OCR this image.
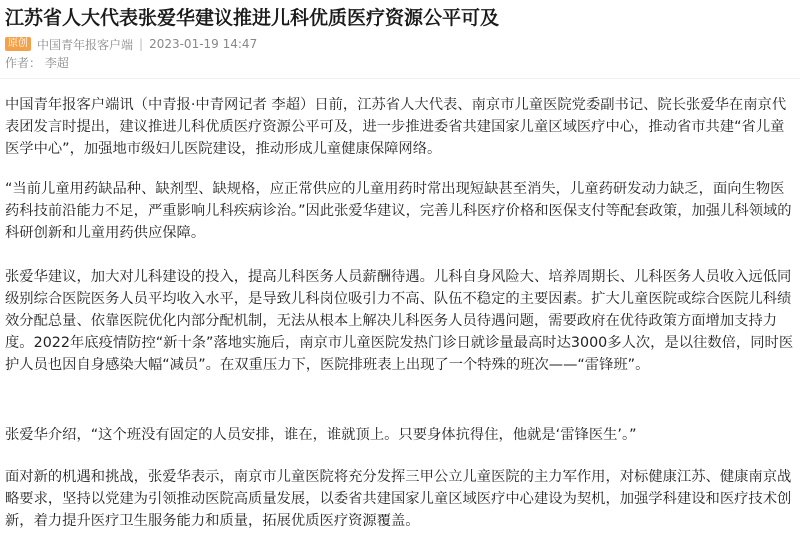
江苏省人大代表张爱华建议推进儿科优质医疗资源公平可及
原创 中国青年报客户端 | 2023-01-19 14:47
作者： 李超

中国青年报客户端讯（中青报·中青网记者 李超）日前，江苏省人大代表、南京市儿童医院党委副书记、院长张爱华在南京代表团发言时提出，建议推进儿科优质医疗资源公平可及，进一步推进委省共建国家儿童区域医疗中心，推动省市共建“省儿童医学中心”，加强地市级妇儿医院建设，推动形成儿童健康保障网络。

“当前儿童用药缺品种、缺剂型、缺规格，应正常供应的儿童用药时常出现短缺甚至消失，儿童药研发动力缺乏，面向生物医药科技前沿能力不足，严重影响儿科疾病诊治。”因此张爱华建议，完善儿科医疗价格和医保支付等配套政策，加强儿科领域的科研创新和儿童用药供应保障。

张爱华建议，加大对儿科建设的投入，提高儿科医务人员薪酬待遇。儿科自身风险大、培养周期长、儿科医务人员收入远低同级别综合医院医务人员平均收入水平，是导致儿科岗位吸引力不高、队伍不稳定的主要因素。扩大儿童医院或综合医院儿科绩效分配总量、依靠医院优化内部分配机制，无法从根本上解决儿科医务人员待遇问题，需要政府在优待政策方面增加支持力度。2022年底疫情防控“新十条”落地实施后，南京市儿童医院发热门诊日就诊量最高时达3000多人次，是以往数倍，同时医护人员也因自身感染大幅“减员”。在双重压力下，医院排班表上出现了一个特殊的班次——“雷锋班”。

张爱华介绍，“这个班没有固定的人员安排，谁在，谁就顶上。只要身体抗得住，他就是‘雷锋医生’。”

面对新的机遇和挑战，张爱华表示，南京市儿童医院将充分发挥三甲公立儿童医院的主力军作用，对标健康江苏、健康南京战略要求，坚持以党建为引领推动医院高质量发展，以委省共建国家儿童区域医疗中心建设为契机，加强学科建设和医疗技术创新，着力提升医疗卫生服务能力和质量，拓展优质医疗资源覆盖。
